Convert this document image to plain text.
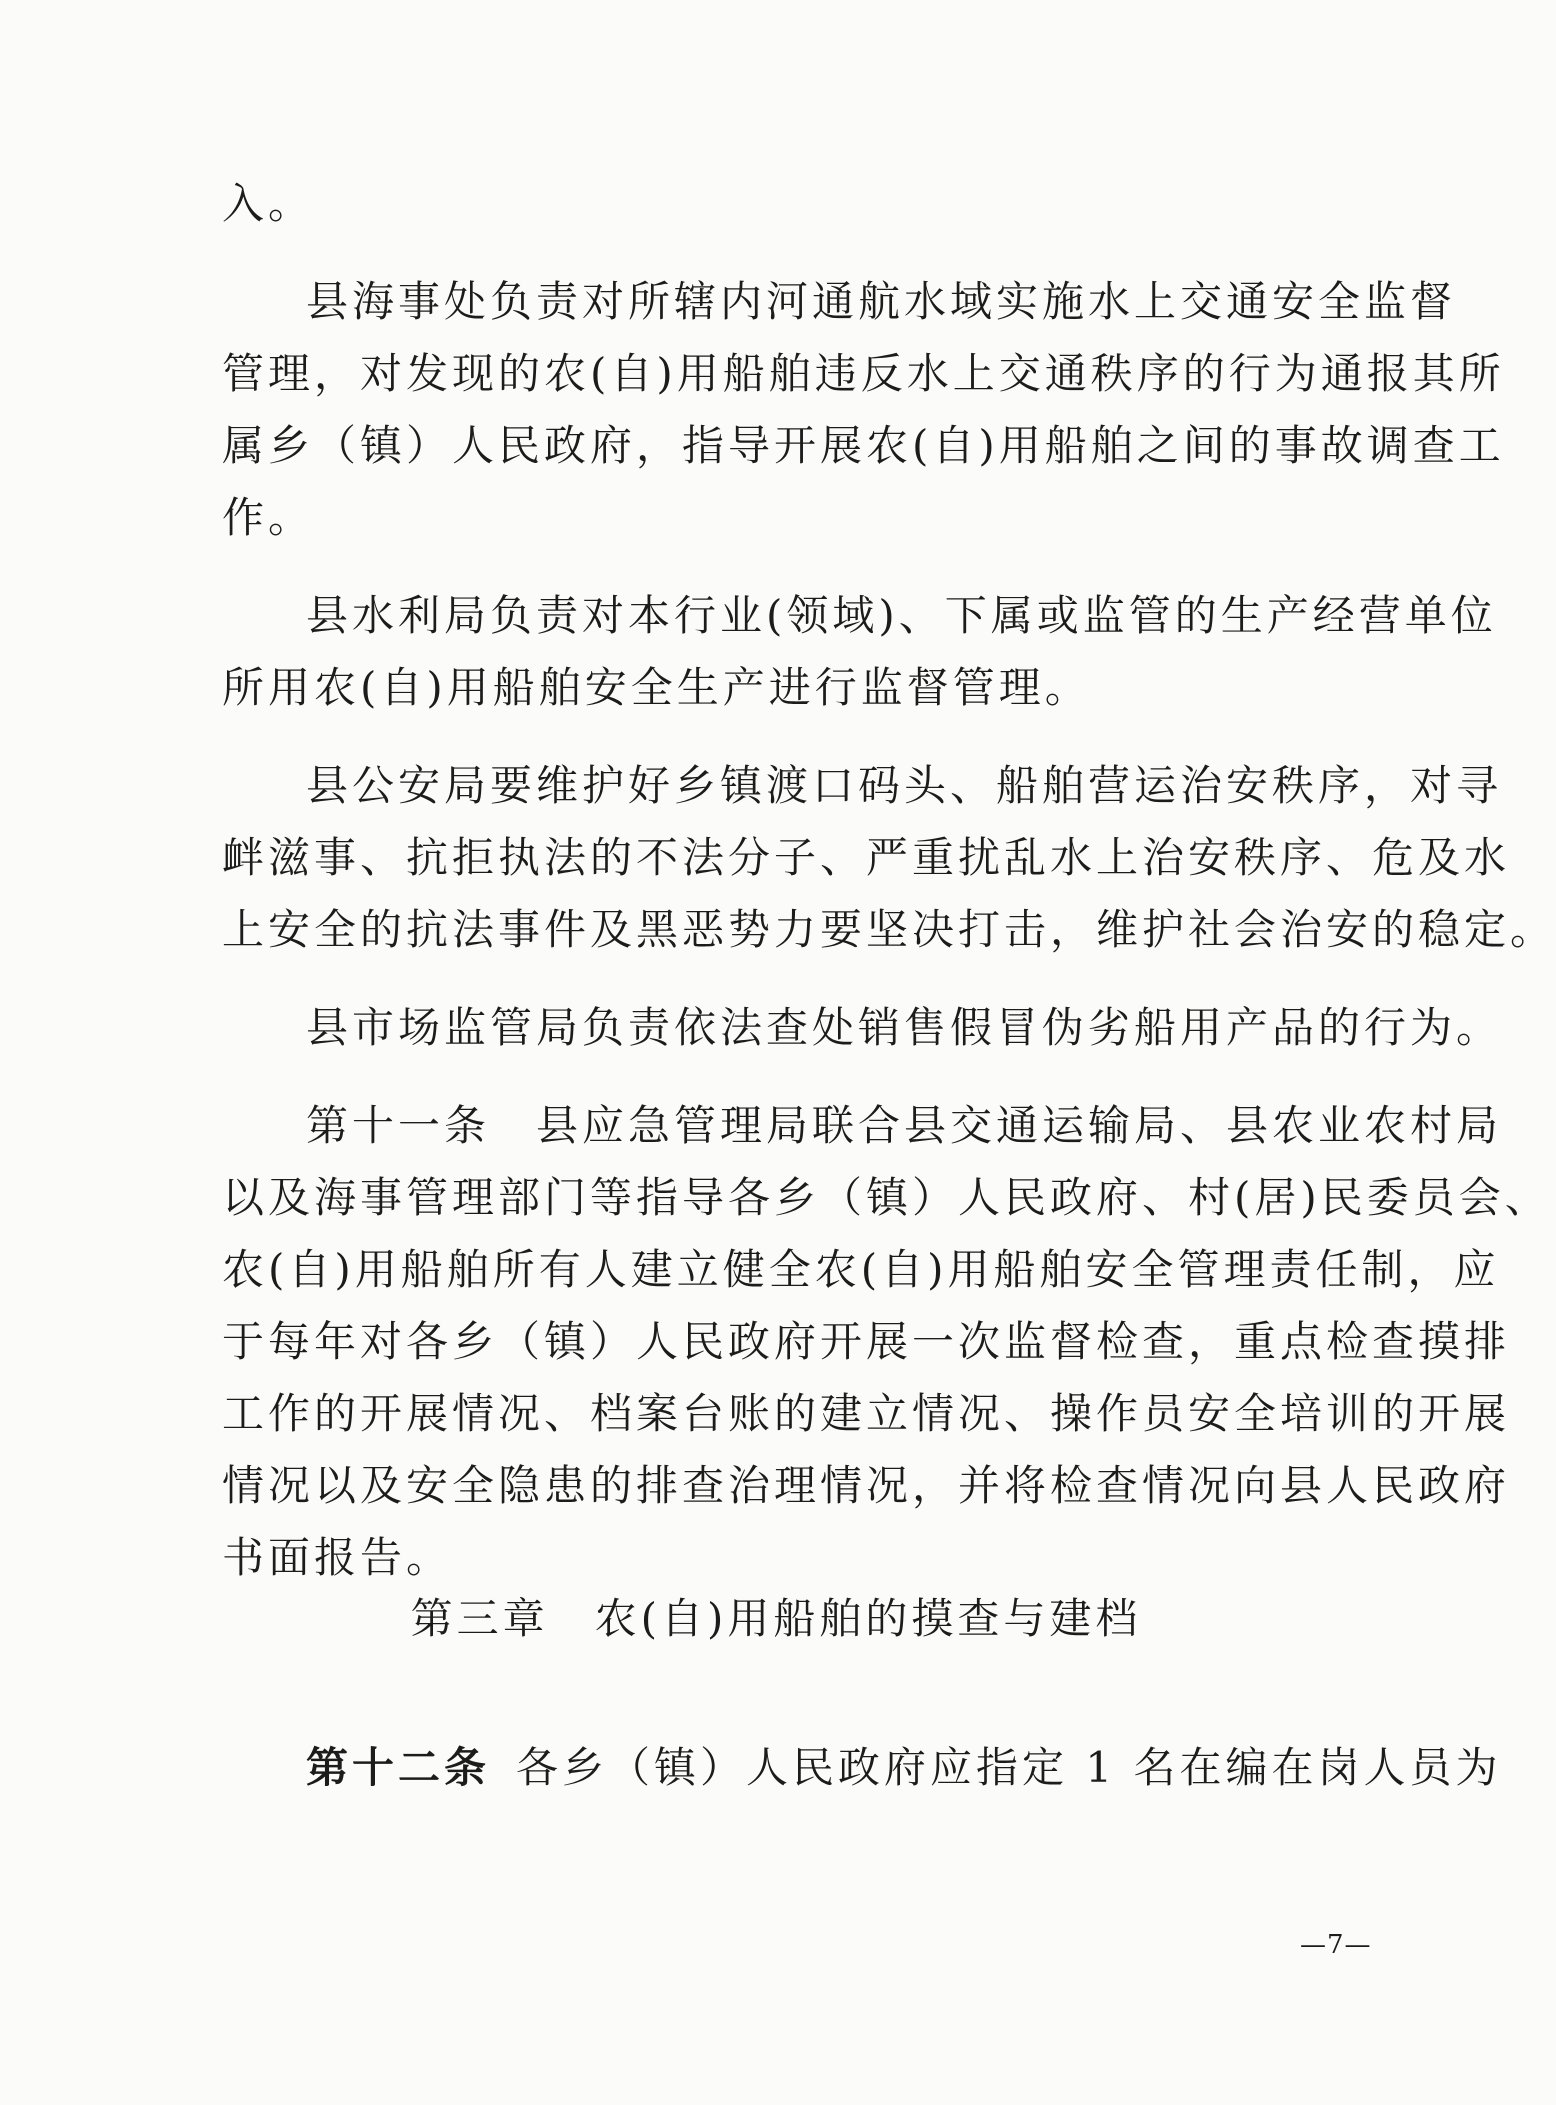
入。
县海事处负责对所辖内河通航水域实施水上交通安全监督
管理，对发现的农(自)用船舶违反水上交通秩序的行为通报其所
属乡（镇）人民政府，指导开展农(自)用船舶之间的事故调查工
作。
县水利局负责对本行业(领域)、下属或监管的生产经营单位
所用农(自)用船舶安全生产进行监督管理。
县公安局要维护好乡镇渡口码头、船舶营运治安秩序，对寻
衅滋事、抗拒执法的不法分子、严重扰乱水上治安秩序、危及水
上安全的抗法事件及黑恶势力要坚决打击，维护社会治安的稳定。
县市场监管局负责依法查处销售假冒伪劣船用产品的行为。
第十一条　县应急管理局联合县交通运输局、县农业农村局
以及海事管理部门等指导各乡（镇）人民政府、村(居)民委员会、
农(自)用船舶所有人建立健全农(自)用船舶安全管理责任制，应
于每年对各乡（镇）人民政府开展一次监督检查，重点检查摸排
工作的开展情况、档案台账的建立情况、操作员安全培训的开展
情况以及安全隐患的排查治理情况，并将检查情况向县人民政府
书面报告。
第三章　农(自)用船舶的摸查与建档
第十二条 各乡（镇）人民政府应指定 1 名在编在岗人员为
—7—
